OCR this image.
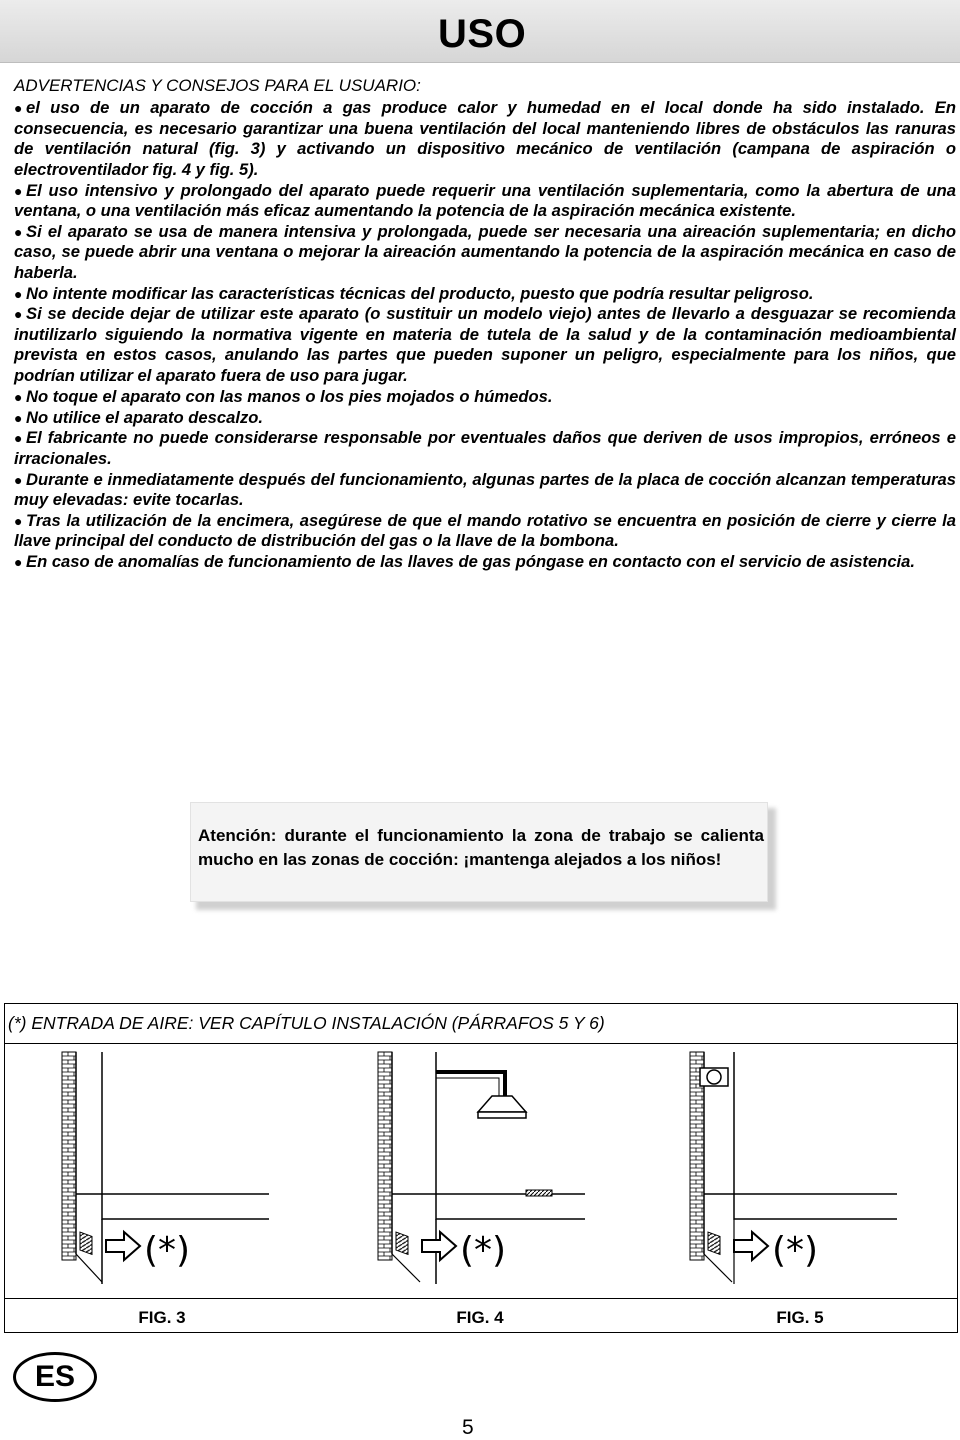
USO
ADVERTENCIAS Y CONSEJOS PARA EL USUARIO:
● el uso de un aparato de cocción a gas produce calor y humedad en el local donde ha sido instalado. En consecuencia, es necesario garantizar una buena ventilación del local manteniendo libres de obstáculos las ranuras de ventilación natural (fig. 3) y activando un dispositivo mecánico de ventilación (campana de aspiración o electroventilador fig. 4 y fig. 5).
● El uso intensivo y prolongado del aparato puede requerir una ventilación suplementaria, como la abertura de una ventana, o una ventilación más eficaz aumentando la potencia de la aspiración mecánica existente.
● Si el aparato se usa de manera intensiva y prolongada, puede ser necesaria una aireación suplementaria; en dicho caso, se puede abrir una ventana o mejorar la aireación aumentando la potencia de la aspiración mecánica en caso de haberla.
● No intente modificar las características técnicas del producto, puesto que podría resultar peligroso.
● Si se decide dejar de utilizar este aparato (o sustituir un modelo viejo) antes de llevarlo a desguazar se recomienda inutilizarlo siguiendo la normativa vigente en materia de tutela de la salud y de la contaminación medioambiental prevista en estos casos, anulando las partes que pueden suponer un peligro, especialmente para los niños, que podrían utilizar el aparato fuera de uso para jugar.
● No toque el aparato con las manos o los pies mojados o húmedos.
● No utilice el aparato descalzo.
● El fabricante no puede considerarse responsable por eventuales daños que deriven de usos impropios, erróneos e irracionales.
● Durante e inmediatamente después del funcionamiento, algunas partes de la placa de cocción alcanzan temperaturas muy elevadas: evite tocarlas.
● Tras la utilización de la encimera, asegúrese de que el mando rotativo se encuentra en posición de cierre y cierre la llave principal del conducto de distribución del gas o la llave de la bombona.
● En caso de anomalías de funcionamiento de las llaves de gas póngase en contacto con el servicio de asistencia.
Atención: durante el funcionamiento la zona de trabajo se calienta mucho en las zonas de cocción: ¡mantenga alejados a los niños!
(*) ENTRADA DE AIRE: VER CAPÍTULO INSTALACIÓN (PÁRRAFOS 5 Y 6)
(*)	(*)	(*)
FIG. 3	FIG. 4	FIG. 5
ES
5
